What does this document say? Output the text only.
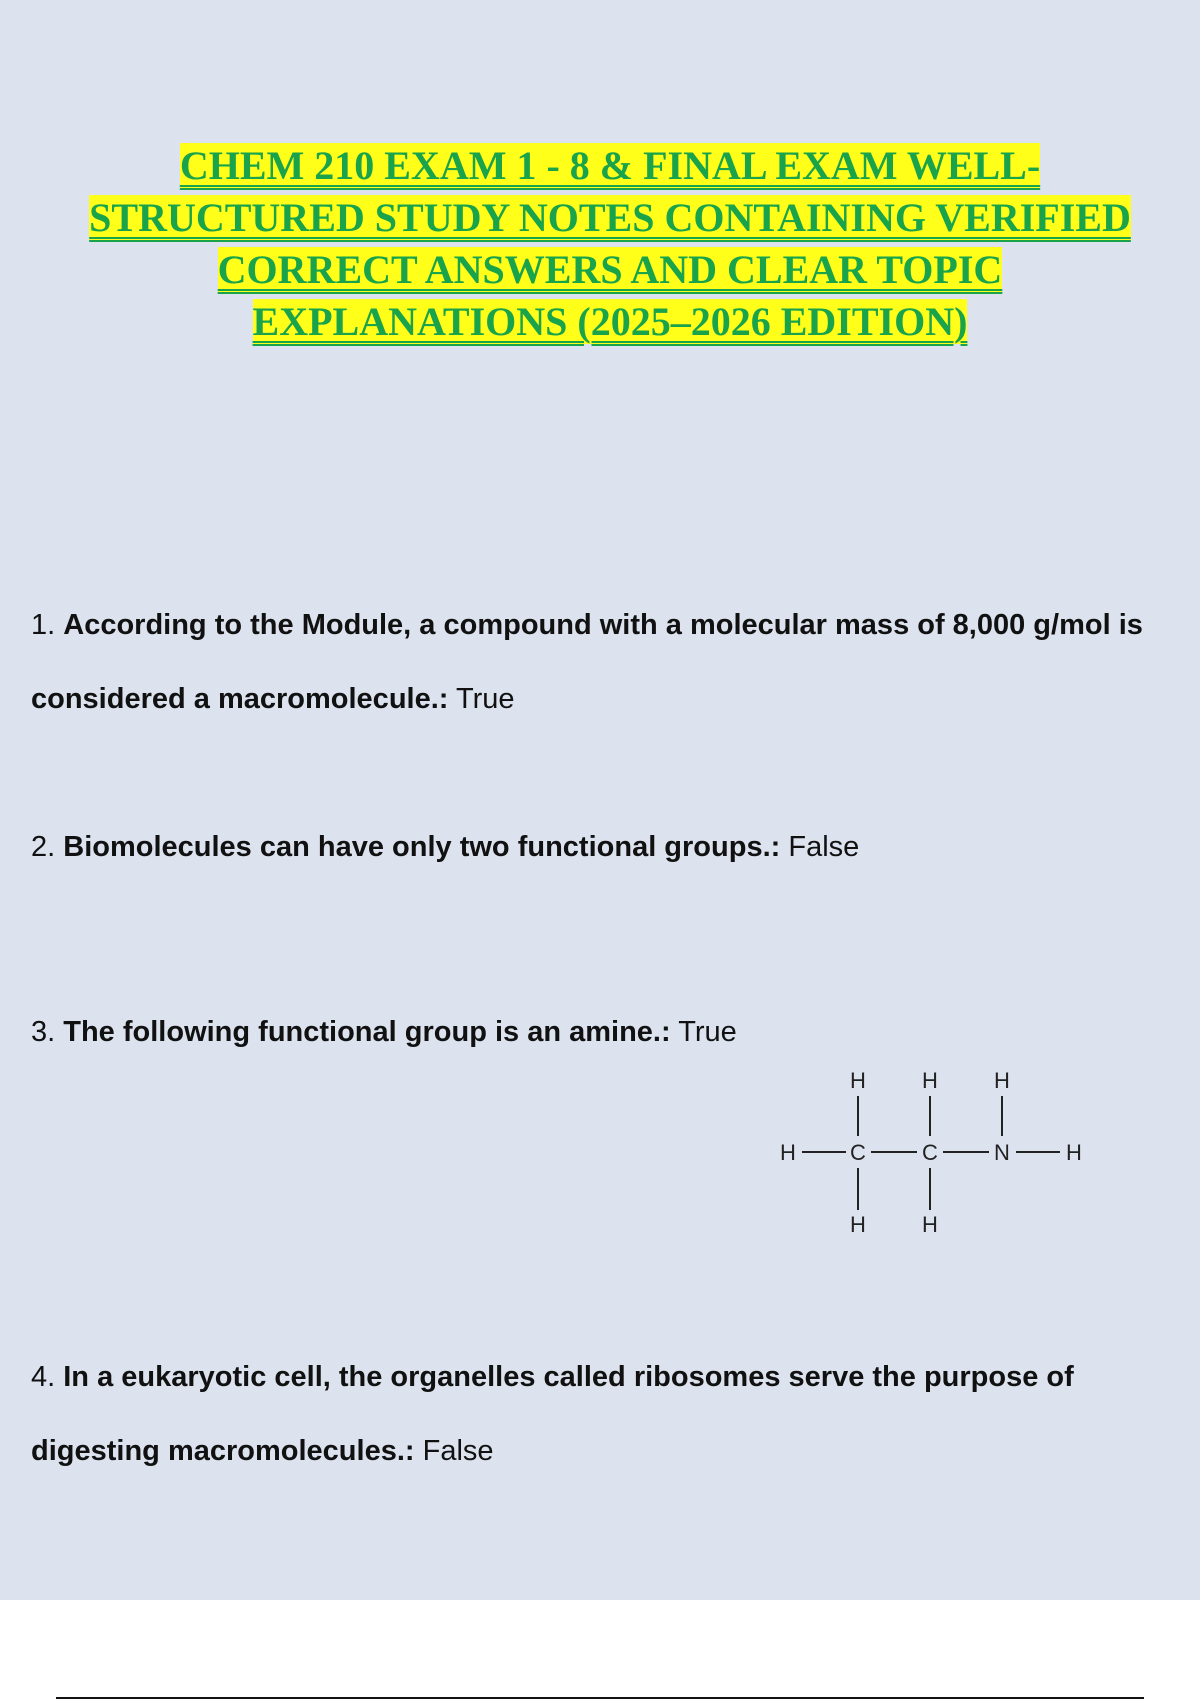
CHEM 210 EXAM 1 - 8 & FINAL EXAM WELL-
STRUCTURED STUDY NOTES CONTAINING VERIFIED
CORRECT ANSWERS AND CLEAR TOPIC
EXPLANATIONS (2025–2026 EDITION)
1. According to the Module, a compound with a molecular mass of 8,000 g/mol is considered a macromolecule.: True
2. Biomolecules can have only two functional groups.: False
3. The following functional group is an amine.: True
H	H	H
H C	C	N	H
H	H
4. In a eukaryotic cell, the organelles called ribosomes serve the purpose of digesting macromolecules.: False
